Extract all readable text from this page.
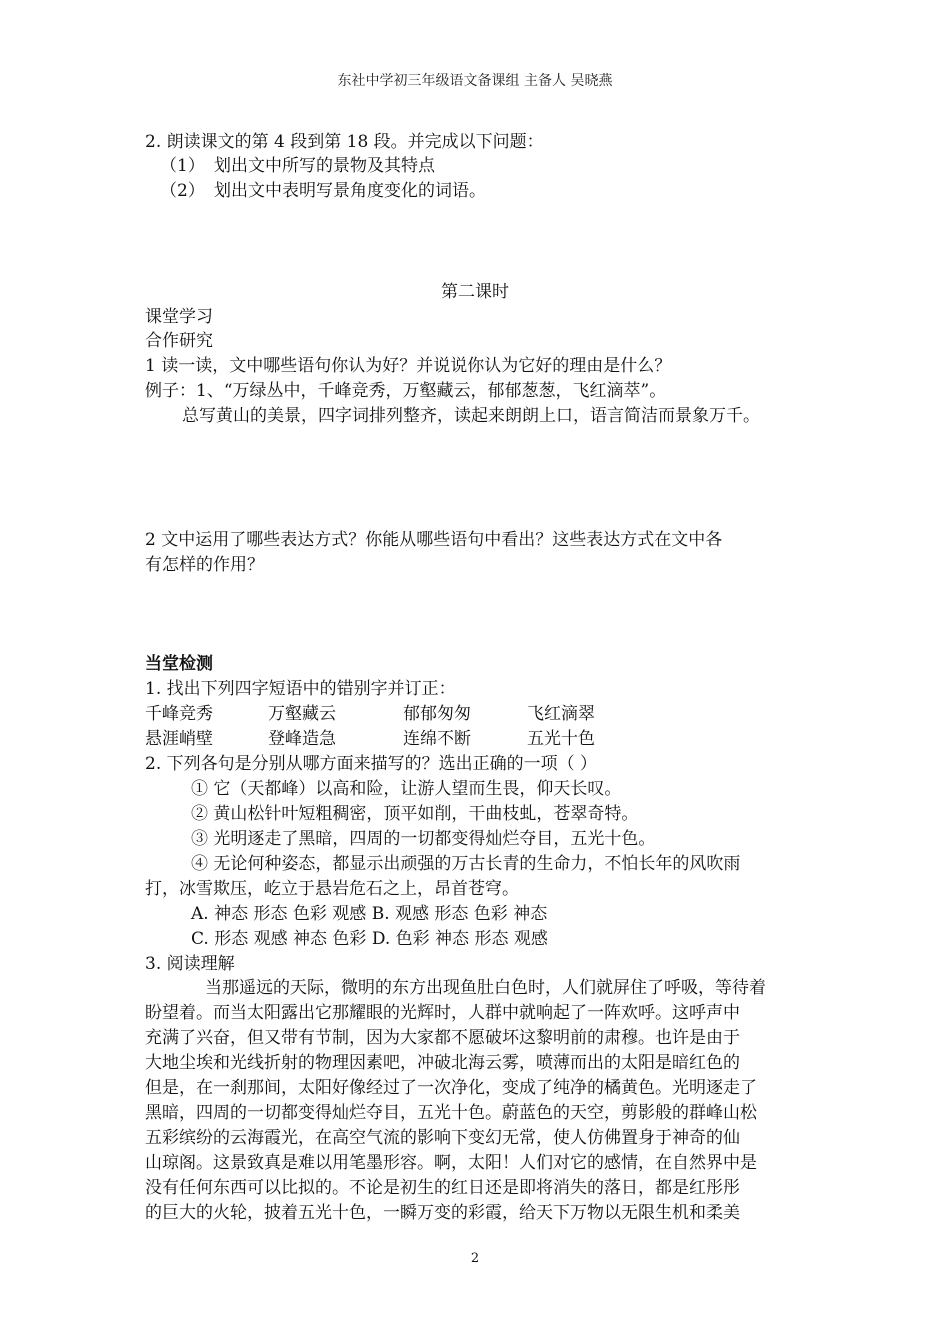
东社中学初三年级语文备课组 主备人 吴晓燕
2. 朗读课文的第 4 段到第 18 段。并完成以下问题：
（1） 划出文中所写的景物及其特点
（2） 划出文中表明写景角度变化的词语。
第二课时
课堂学习
合作研究
1 读一读，文中哪些语句你认为好？并说说你认为它好的理由是什么？
例子：1、“万绿丛中，千峰竞秀，万壑藏云，郁郁葱葱，飞红滴萃”。
总写黄山的美景，四字词排列整齐，读起来朗朗上口，语言简洁而景象万千。
2 文中运用了哪些表达方式？你能从哪些语句中看出？这些表达方式在文中各
有怎样的作用？
当堂检测
1. 找出下列四字短语中的错别字并订正：
千峰竞秀	万壑藏云	郁郁匆匆	飞红滴翠
悬涯峭壁	登峰造急	连绵不断	五光十色
2. 下列各句是分别从哪方面来描写的？选出正确的一项（ ）
① 它（天都峰）以高和险，让游人望而生畏，仰天长叹。
② 黄山松针叶短粗稠密，顶平如削，干曲枝虬，苍翠奇特。
③ 光明逐走了黑暗，四周的一切都变得灿烂夺目，五光十色。
④ 无论何种姿态，都显示出顽强的万古长青的生命力，不怕长年的风吹雨
打，冰雪欺压，屹立于悬岩危石之上，昂首苍穹。
A. 神态 形态 色彩 观感 B. 观感 形态 色彩 神态
C. 形态 观感 神态 色彩 D. 色彩 神态 形态 观感
3. 阅读理解
当那遥远的天际，微明的东方出现鱼肚白色时，人们就屏住了呼吸，等待着
盼望着。而当太阳露出它那耀眼的光辉时，人群中就响起了一阵欢呼。这呼声中
充满了兴奋，但又带有节制，因为大家都不愿破坏这黎明前的肃穆。也许是由于
大地尘埃和光线折射的物理因素吧，冲破北海云雾，喷薄而出的太阳是暗红色的
但是，在一刹那间，太阳好像经过了一次净化，变成了纯净的橘黄色。光明逐走了
黑暗，四周的一切都变得灿烂夺目，五光十色。蔚蓝色的天空，剪影般的群峰山松
五彩缤纷的云海霞光，在高空气流的影响下变幻无常，使人仿佛置身于神奇的仙
山琼阁。这景致真是难以用笔墨形容。啊，太阳！人们对它的感情，在自然界中是
没有任何东西可以比拟的。不论是初生的红日还是即将消失的落日，都是红彤彤
的巨大的火轮，披着五光十色，一瞬万变的彩霞，给天下万物以无限生机和柔美
2
